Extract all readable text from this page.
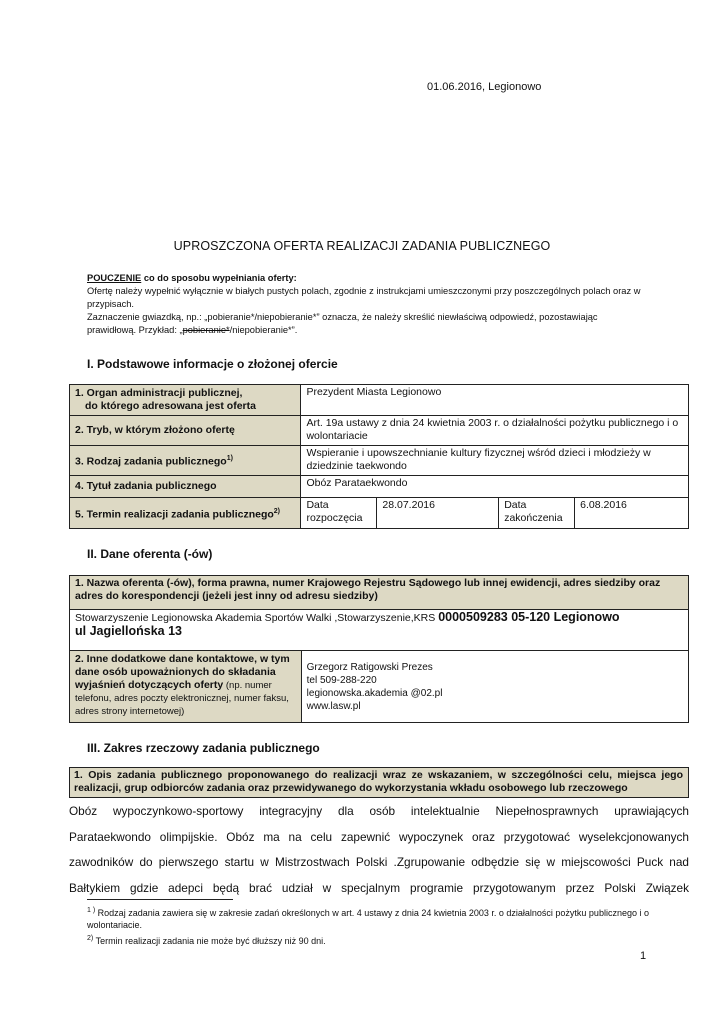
01.06.2016, Legionowo
UPROSZCZONA OFERTA REALIZACJI ZADANIA PUBLICZNEGO
POUCZENIE co do sposobu wypełniania oferty:
Ofertę należy wypełnić wyłącznie w białych pustych polach, zgodnie z instrukcjami umieszczonymi przy poszczególnych polach oraz w przypisach.
Zaznaczenie gwiazdką, np.: „pobieranie*/niepobieranie*” oznacza, że należy skreślić niewłaściwą odpowiedź, pozostawiając prawidłową. Przykład: „pobieranie*/niepobieranie*”.
I. Podstawowe informacje o złożonej ofercie
1. Organ administracji publicznej,
do którego adresowana jest oferta	Prezydent Miasta Legionowo			
2. Tryb, w którym złożono ofertę	Art. 19a ustawy z dnia 24 kwietnia 2003 r. o działalności pożytku publicznego i o wolontariacie			
3. Rodzaj zadania publicznego$^{1)}$	Wspieranie i upowszechnianie kultury fizycznej wśród dzieci i młodzieży w dziedzinie taekwondo			
4. Tytuł zadania publicznego	Obóz Parataekwondo			
5. Termin realizacji zadania publicznego$^{2)}$	Data rozpoczęcia	28.07.2016	Data zakończenia	6.08.2016
II. Dane oferenta (-ów)
1. Nazwa oferenta (-ów), forma prawna, numer Krajowego Rejestru Sądowego lub innej ewidencji, adres siedziby oraz adres do korespondencji (jeżeli jest inny od adresu siedziby)
Stowarzyszenie Legionowska Akademia Sportów Walki ,Stowarzyszenie,KRS 0000509283 05-120 Legionowo
ul Jagiellońska 13
2. Inne dodatkowe dane kontaktowe, w tym dane osób upoważnionych do składania wyjaśnień dotyczących oferty (np. numer telefonu, adres poczty elektronicznej, numer faksu, adres strony internetowej)	
Grzegorz Ratigowski Prezes
tel 509-288-220
legionowska.akademia @02.pl
www.lasw.pl
III. Zakres rzeczowy zadania publicznego
1. Opis zadania publicznego proponowanego do realizacji wraz ze wskazaniem, w szczególności celu, miejsca jego realizacji, grup odbiorców zadania oraz przewidywanego do wykorzystania wkładu osobowego lub rzeczowego
Obóz wypoczynkowo-sportowy integracyjny dla osób intelektualnie Niepełnosprawnych uprawiających
Parataekwondo olimpijskie. Obóz ma na celu zapewnić wypoczynek oraz przygotować wyselekcjonowanych
zawodników do pierwszego startu w Mistrzostwach Polski .Zgrupowanie odbędzie się w miejscowości Puck nad
Bałtykiem gdzie adepci będą brać udział w specjalnym programie przygotowanym przez Polski Związek
$^{1 )}$ Rodzaj zadania zawiera się w zakresie zadań określonych w art. 4 ustawy z dnia 24 kwietnia 2003 r. o działalności pożytku publicznego i o wolontariacie.
$^{2)}$ Termin realizacji zadania nie może być dłuższy niż 90 dni.
1
